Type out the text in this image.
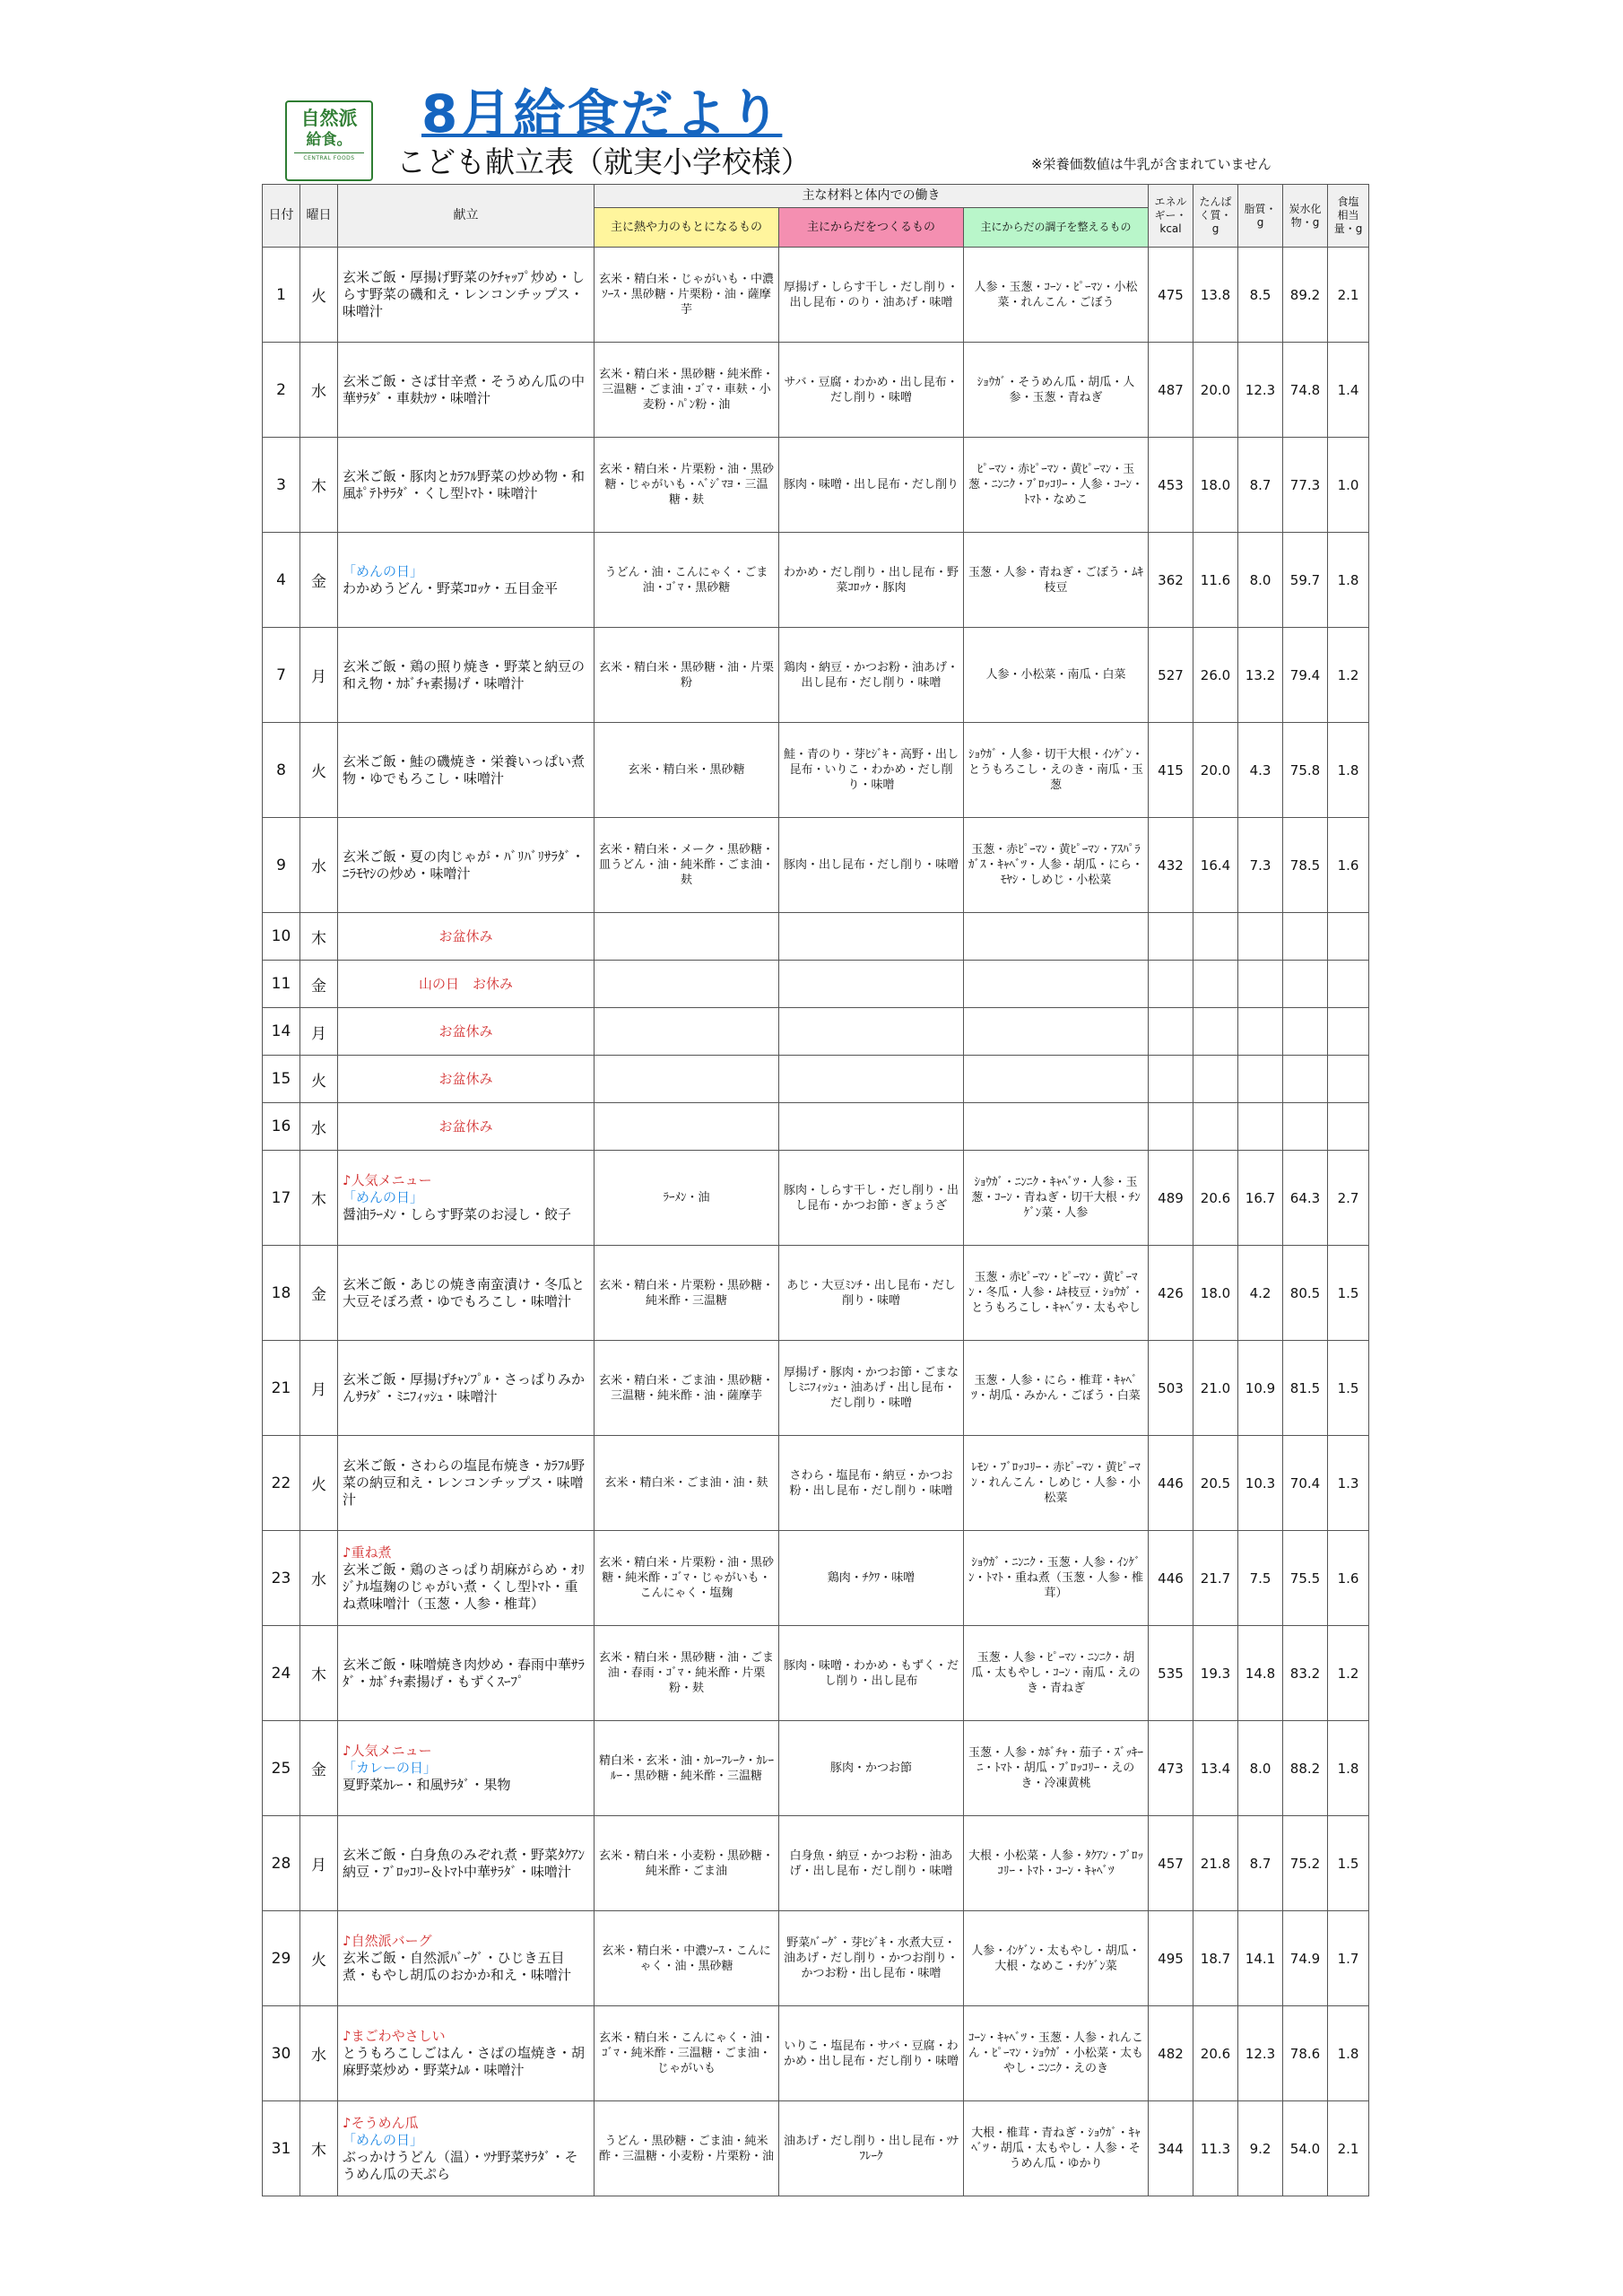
自然派
給食。
CENTRAL FOODS
8月給食だより
こども献立表（就実小学校様）	※栄養価数値は牛乳が含まれていません
日付	曜日	献立	主な材料と体内での働き			エネルギー・kcal	たんぱく質・g	脂質・g	炭水化物・g	食塩相当量・g
			主に熱や力のもとになるもの	主にからだをつくるもの	主にからだの調子を整えるもの					
1	火	玄米ご飯・厚揚げ野菜のｹﾁｬｯﾌﾟ炒め・しらす野菜の磯和え・レンコンチップス・味噌汁	玄米・精白米・じゃがいも・中濃ｿｰｽ・黒砂糖・片栗粉・油・薩摩芋	厚揚げ・しらす干し・だし削り・出し昆布・のり・油あげ・味噌	人参・玉葱・ｺｰﾝ・ﾋﾟｰﾏﾝ・小松菜・れんこん・ごぼう	475	13.8	8.5	89.2	2.1
2	水	玄米ご飯・さば甘辛煮・そうめん瓜の中華ｻﾗﾀﾞ・車麸ｶﾂ・味噌汁	玄米・精白米・黒砂糖・純米酢・三温糖・ごま油・ｺﾞﾏ・車麸・小麦粉・ﾊﾟﾝ粉・油	サバ・豆腐・わかめ・出し昆布・だし削り・味噌	ｼｮｳｶﾞ・そうめん瓜・胡瓜・人参・玉葱・青ねぎ	487	20.0	12.3	74.8	1.4
3	木	玄米ご飯・豚肉とｶﾗﾌﾙ野菜の炒め物・和風ﾎﾟﾃﾄｻﾗﾀﾞ・くし型ﾄﾏﾄ・味噌汁	玄米・精白米・片栗粉・油・黒砂糖・じゃがいも・ﾍﾞｼﾞﾏﾖ・三温糖・麸	豚肉・味噌・出し昆布・だし削り	ﾋﾟｰﾏﾝ・赤ﾋﾟｰﾏﾝ・黄ﾋﾟｰﾏﾝ・玉葱・ﾆﾝﾆｸ・ﾌﾞﾛｯｺﾘｰ・人参・ｺｰﾝ・ﾄﾏﾄ・なめこ	453	18.0	8.7	77.3	1.0
4	金	「めんの日」
わかめうどん・野菜ｺﾛｯｹ・五目金平	うどん・油・こんにゃく・ごま油・ｺﾞﾏ・黒砂糖	わかめ・だし削り・出し昆布・野菜ｺﾛｯｹ・豚肉	玉葱・人参・青ねぎ・ごぼう・ﾑｷ枝豆	362	11.6	8.0	59.7	1.8
7	月	玄米ご飯・鶏の照り焼き・野菜と納豆の和え物・ｶﾎﾞﾁｬ素揚げ・味噌汁	玄米・精白米・黒砂糖・油・片栗粉	鶏肉・納豆・かつお粉・油あげ・出し昆布・だし削り・味噌	人参・小松菜・南瓜・白菜	527	26.0	13.2	79.4	1.2
8	火	玄米ご飯・鮭の磯焼き・栄養いっぱい煮物・ゆでもろこし・味噌汁	玄米・精白米・黒砂糖	鮭・青のり・芽ﾋｼﾞｷ・高野・出し昆布・いりこ・わかめ・だし削り・味噌	ｼｮｳｶﾞ・人参・切干大根・ｲﾝｹﾞﾝ・とうもろこし・えのき・南瓜・玉葱	415	20.0	4.3	75.8	1.8
9	水	玄米ご飯・夏の肉じゃが・ﾊﾞﾘﾊﾞﾘｻﾗﾀﾞ・ﾆﾗﾓﾔｼの炒め・味噌汁	玄米・精白米・メーク・黒砂糖・皿うどん・油・純米酢・ごま油・麸	豚肉・出し昆布・だし削り・味噌	玉葱・赤ﾋﾟｰﾏﾝ・黄ﾋﾟｰﾏﾝ・ｱｽﾊﾟﾗｶﾞｽ・ｷｬﾍﾞﾂ・人参・胡瓜・にら・ﾓﾔｼ・しめじ・小松菜	432	16.4	7.3	78.5	1.6
10	木	お盆休み								

11	金	山の日　お休み								

14	月	お盆休み								

15	火	お盆休み								

16	水	お盆休み								

17	木	♪人気メニュー
「めんの日」
醤油ﾗｰﾒﾝ・しらす野菜のお浸し・餃子	ﾗｰﾒﾝ・油	豚肉・しらす干し・だし削り・出し昆布・かつお節・ぎょうざ	ｼｮｳｶﾞ・ﾆﾝﾆｸ・ｷｬﾍﾞﾂ・人参・玉葱・ｺｰﾝ・青ねぎ・切干大根・ﾁﾝｹﾞﾝ菜・人参	489	20.6	16.7	64.3	2.7
18	金	玄米ご飯・あじの焼き南蛮漬け・冬瓜と大豆そぼろ煮・ゆでもろこし・味噌汁	玄米・精白米・片栗粉・黒砂糖・純米酢・三温糖	あじ・大豆ﾐﾝﾁ・出し昆布・だし削り・味噌	玉葱・赤ﾋﾟｰﾏﾝ・ﾋﾟｰﾏﾝ・黄ﾋﾟｰﾏﾝ・冬瓜・人参・ﾑｷ枝豆・ｼｮｳｶﾞ・とうもろこし・ｷｬﾍﾞﾂ・太もやし	426	18.0	4.2	80.5	1.5
21	月	玄米ご飯・厚揚げﾁｬﾝﾌﾟﾙ・さっぱりみかんｻﾗﾀﾞ・ﾐﾆﾌｨｯｼｭ・味噌汁	玄米・精白米・ごま油・黒砂糖・三温糖・純米酢・油・薩摩芋	厚揚げ・豚肉・かつお節・ごまなしﾐﾆﾌｨｯｼｭ・油あげ・出し昆布・だし削り・味噌	玉葱・人参・にら・椎茸・ｷｬﾍﾞﾂ・胡瓜・みかん・ごぼう・白菜	503	21.0	10.9	81.5	1.5
22	火	玄米ご飯・さわらの塩昆布焼き・ｶﾗﾌﾙ野菜の納豆和え・レンコンチップス・味噌汁	玄米・精白米・ごま油・油・麸	さわら・塩昆布・納豆・かつお粉・出し昆布・だし削り・味噌	ﾚﾓﾝ・ﾌﾞﾛｯｺﾘｰ・赤ﾋﾟｰﾏﾝ・黄ﾋﾟｰﾏﾝ・れんこん・しめじ・人参・小松菜	446	20.5	10.3	70.4	1.3
23	水	♪重ね煮
玄米ご飯・鶏のさっぱり胡麻がらめ・ｵﾘｼﾞﾅﾙ塩麹のじゃがい煮・くし型ﾄﾏﾄ・重ね煮味噌汁（玉葱・人参・椎茸）	玄米・精白米・片栗粉・油・黒砂糖・純米酢・ｺﾞﾏ・じゃがいも・こんにゃく・塩麹	鶏肉・ﾁｸﾜ・味噌	ｼｮｳｶﾞ・ﾆﾝﾆｸ・玉葱・人参・ｲﾝｹﾞﾝ・ﾄﾏﾄ・重ね煮（玉葱・人参・椎茸）	446	21.7	7.5	75.5	1.6
24	木	玄米ご飯・味噌焼き肉炒め・春雨中華ｻﾗﾀﾞ・ｶﾎﾞﾁｬ素揚げ・もずくｽｰﾌﾟ	玄米・精白米・黒砂糖・油・ごま油・春雨・ｺﾞﾏ・純米酢・片栗粉・麸	豚肉・味噌・わかめ・もずく・だし削り・出し昆布	玉葱・人参・ﾋﾟｰﾏﾝ・ﾆﾝﾆｸ・胡瓜・太もやし・ｺｰﾝ・南瓜・えのき・青ねぎ	535	19.3	14.8	83.2	1.2
25	金	♪人気メニュー
「カレーの日」
夏野菜ｶﾚｰ・和風ｻﾗﾀﾞ・果物	精白米・玄米・油・ｶﾚｰﾌﾚｰｸ・ｶﾚｰﾙｰ・黒砂糖・純米酢・三温糖	豚肉・かつお節	玉葱・人参・ｶﾎﾞﾁｬ・茄子・ｽﾞｯｷｰﾆ・ﾄﾏﾄ・胡瓜・ﾌﾞﾛｯｺﾘｰ・えのき・冷凍黄桃	473	13.4	8.0	88.2	1.8
28	月	玄米ご飯・白身魚のみぞれ煮・野菜ﾀｸｱﾝ納豆・ﾌﾞﾛｯｺﾘｰ＆ﾄﾏﾄ中華ｻﾗﾀﾞ・味噌汁	玄米・精白米・小麦粉・黒砂糖・純米酢・ごま油	白身魚・納豆・かつお粉・油あげ・出し昆布・だし削り・味噌	大根・小松菜・人参・ﾀｸｱﾝ・ﾌﾞﾛｯｺﾘｰ・ﾄﾏﾄ・ｺｰﾝ・ｷｬﾍﾞﾂ	457	21.8	8.7	75.2	1.5
29	火	♪自然派バーグ
玄米ご飯・自然派ﾊﾞｰｸﾞ・ひじき五目煮・もやし胡瓜のおかか和え・味噌汁	玄米・精白米・中濃ｿｰｽ・こんにゃく・油・黒砂糖	野菜ﾊﾞｰｸﾞ・芽ﾋｼﾞｷ・水煮大豆・油あげ・だし削り・かつお削り・かつお粉・出し昆布・味噌	人参・ｲﾝｹﾞﾝ・太もやし・胡瓜・大根・なめこ・ﾁﾝｹﾞﾝ菜	495	18.7	14.1	74.9	1.7
30	水	♪まごわやさしい
とうもろこしごはん・さばの塩焼き・胡麻野菜炒め・野菜ﾅﾑﾙ・味噌汁	玄米・精白米・こんにゃく・油・ｺﾞﾏ・純米酢・三温糖・ごま油・じゃがいも	いりこ・塩昆布・サバ・豆腐・わかめ・出し昆布・だし削り・味噌	ｺｰﾝ・ｷｬﾍﾞﾂ・玉葱・人参・れんこん・ﾋﾟｰﾏﾝ・ｼｮｳｶﾞ・小松菜・太もやし・ﾆﾝﾆｸ・えのき	482	20.6	12.3	78.6	1.8
31	木	♪そうめん瓜
「めんの日」
ぶっかけうどん（温）・ﾂﾅ野菜ｻﾗﾀﾞ・そうめん瓜の天ぷら	うどん・黒砂糖・ごま油・純米酢・三温糖・小麦粉・片栗粉・油	油あげ・だし削り・出し昆布・ﾂﾅﾌﾚｰｸ	大根・椎茸・青ねぎ・ｼｮｳｶﾞ・ｷｬﾍﾞﾂ・胡瓜・太もやし・人参・そうめん瓜・ゆかり	344	11.3	9.2	54.0	2.1
